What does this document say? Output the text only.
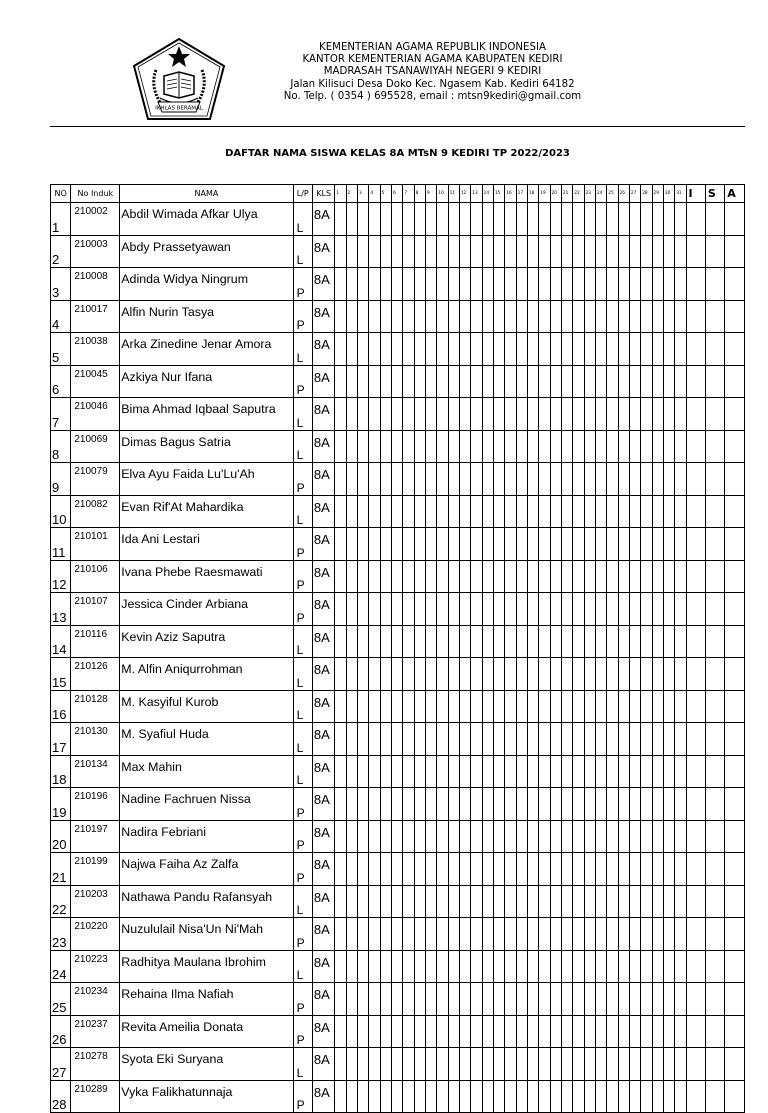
IKHLAS BERAMAL
KEMENTERIAN AGAMA REPUBLIK INDONESIA
KANTOR KEMENTERIAN AGAMA KABUPATEN KEDIRI
MADRASAH TSANAWIYAH NEGERI 9 KEDIRI
Jalan Kilisuci Desa Doko Kec. Ngasem Kab. Kediri 64182
No. Telp. ( 0354 ) 695528, email : mtsn9kediri@gmail.com
DAFTAR NAMA SISWA KELAS 8A MTsN 9 KEDIRI TP 2022/2023
NO	No Induk	NAMA	L/P	KLS	1	2	3	4	5	6	7	8	9	10	11	12	13	14	15	16	17	18	19	20	21	22	23	24	25	26	27	28	29	30	31	I	S	A
1	210002	Abdil Wimada Afkar Ulya	L	8A																																		
2	210003	Abdy Prassetyawan	L	8A																																		
3	210008	Adinda Widya Ningrum	P	8A																																		
4	210017	Alfin Nurin Tasya	P	8A																																		
5	210038	Arka Zinedine Jenar Amora	L	8A																																		
6	210045	Azkiya Nur Ifana	P	8A																																		
7	210046	Bima Ahmad Iqbaal Saputra	L	8A																																		
8	210069	Dimas Bagus Satria	L	8A																																		
9	210079	Elva Ayu Faida Lu'Lu'Ah	P	8A																																		
10	210082	Evan Rif'At Mahardika	L	8A																																		
11	210101	Ida Ani Lestari	P	8A																																		
12	210106	Ivana Phebe Raesmawati	P	8A																																		
13	210107	Jessica Cinder Arbiana	P	8A																																		
14	210116	Kevin Aziz Saputra	L	8A																																		
15	210126	M. Alfin Aniqurrohman	L	8A																																		
16	210128	M. Kasyiful Kurob	L	8A																																		
17	210130	M. Syafiul Huda	L	8A																																		
18	210134	Max Mahin	L	8A																																		
19	210196	Nadine Fachruen Nissa	P	8A																																		
20	210197	Nadira Febriani	P	8A																																		
21	210199	Najwa Faiha Az Zalfa	P	8A																																		
22	210203	Nathawa Pandu Rafansyah	L	8A																																		
23	210220	Nuzululail Nisa'Un Ni'Mah	P	8A																																		
24	210223	Radhitya Maulana Ibrohim	L	8A																																		
25	210234	Rehaina Ilma Nafiah	P	8A																																		
26	210237	Revita Ameilia Donata	P	8A																																		
27	210278	Syota Eki Suryana	L	8A																																		
28	210289	Vyka Falikhatunnaja	P	8A																																		
